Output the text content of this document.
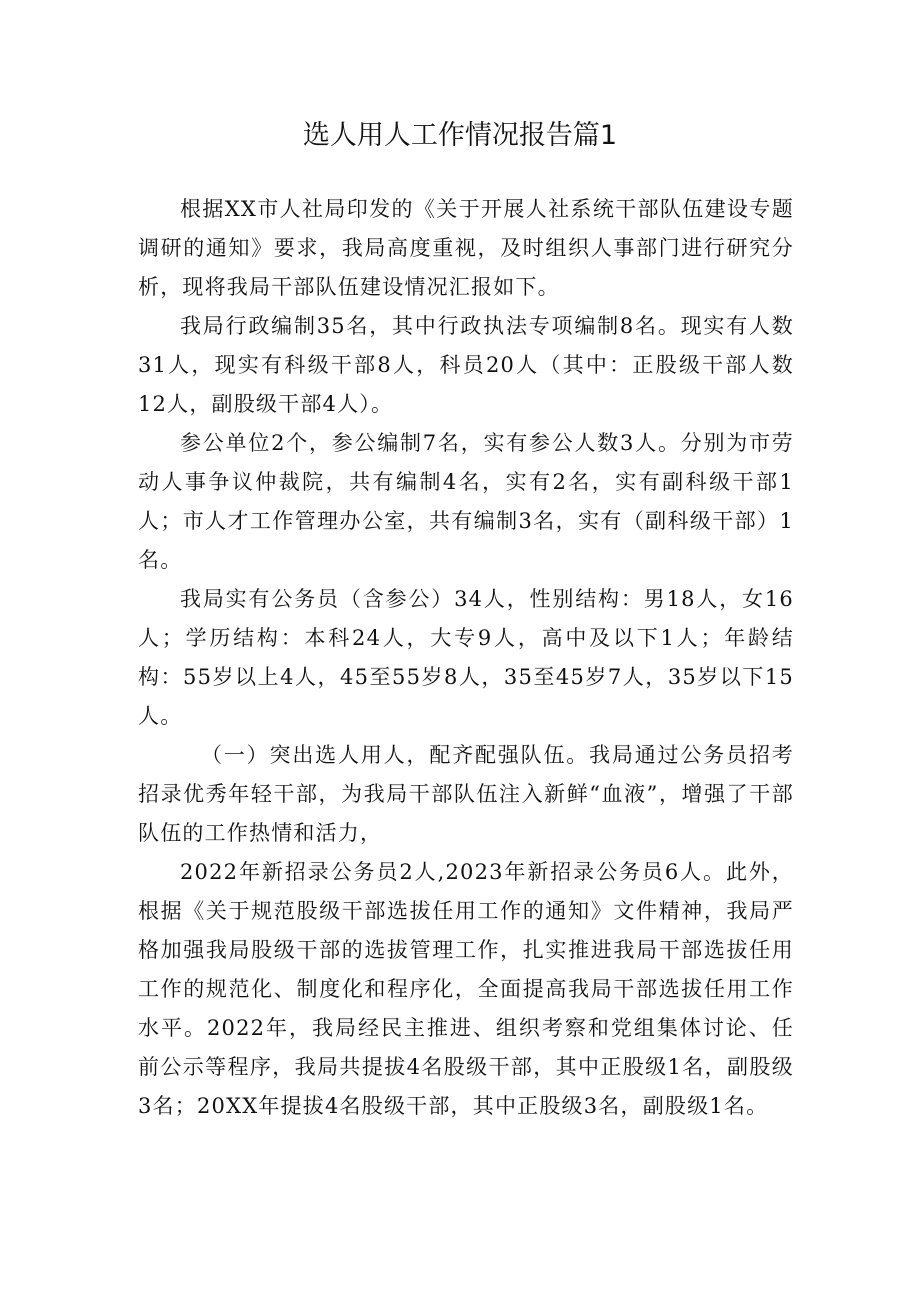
选人用人工作情况报告篇1

根据XX市人社局印发的《关于开展人社系统干部队伍建设专题调研的通知》要求，我局高度重视，及时组织人事部门进行研究分析，现将我局干部队伍建设情况汇报如下。

我局行政编制35名，其中行政执法专项编制8名。现实有人数31人，现实有科级干部8人，科员20人（其中：正股级干部人数12人，副股级干部4人）。

参公单位2个，参公编制7名，实有参公人数3人。分别为市劳动人事争议仲裁院，共有编制4名，实有2名，实有副科级干部1人；市人才工作管理办公室，共有编制3名，实有（副科级干部）1名。

我局实有公务员（含参公）34人，性别结构：男18人，女16人；学历结构：本科24人，大专9人，高中及以下1人；年龄结构：55岁以上4人，45至55岁8人，35至45岁7人，35岁以下15人。

（一）突出选人用人，配齐配强队伍。我局通过公务员招考招录优秀年轻干部，为我局干部队伍注入新鲜“血液”，增强了干部队伍的工作热情和活力，

2022年新招录公务员2人,2023年新招录公务员6人。此外，根据《关于规范股级干部选拔任用工作的通知》文件精神，我局严格加强我局股级干部的选拔管理工作，扎实推进我局干部选拔任用工作的规范化、制度化和程序化，全面提高我局干部选拔任用工作水平。2022年，我局经民主推进、组织考察和党组集体讨论、任前公示等程序，我局共提拔4名股级干部，其中正股级1名，副股级3名；20XX年提拔4名股级干部，其中正股级3名，副股级1名。
